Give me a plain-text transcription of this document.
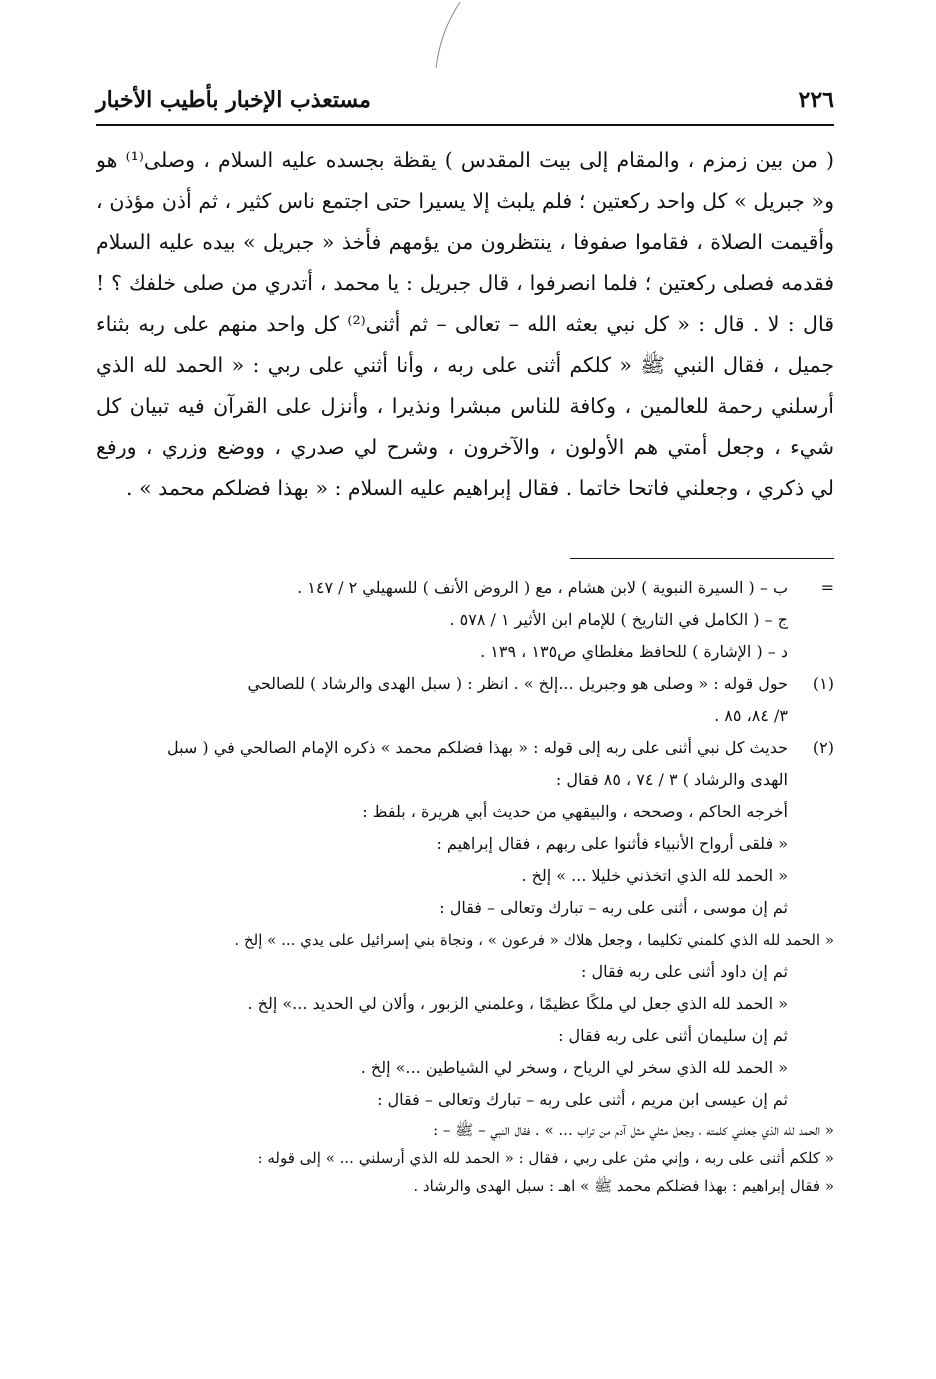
٢٢٦
مستعذب الإخبار بأطيب الأخبار
( من بين زمزم ، والمقام إلى بيت المقدس ) يقظة بجسده عليه السلام ، وصلى⁽¹⁾ هو
و« جبريل » كل واحد ركعتين ؛ فلم يلبث إلا يسيرا حتى اجتمع ناس كثير ، ثم أذن مؤذن ،
وأقيمت الصلاة ، فقاموا صفوفا ، ينتظرون من يؤمهم فأخذ « جبريل » بيده عليه السلام
فقدمه فصلى ركعتين ؛ فلما انصرفوا ، قال جبريل : يا محمد ، أتدري من صلى خلفك ؟ !
قال : لا . قال : « كل نبي بعثه الله – تعالى – ثم أثنى⁽²⁾ كل واحد منهم على ربه بثناء
جميل ، فقال النبي ﷺ « كلكم أثنى على ربه ، وأنا أثني على ربي : « الحمد لله الذي
أرسلني رحمة للعالمين ، وكافة للناس مبشرا ونذيرا ، وأنزل على القرآن فيه تبيان كل
شيء ، وجعل أمتي هم الأولون ، والآخرون ، وشرح لي صدري ، ووضع وزري ، ورفع
لي ذكري ، وجعلني فاتحا خاتما . فقال إبراهيم عليه السلام : « بهذا فضلكم محمد » .
=
ب – ( السيرة النبوية ) لابن هشام ، مع ( الروض الأنف ) للسهيلي ٢ / ١٤٧ .
ج – ( الكامل في التاريخ ) للإمام ابن الأثير ١ / ٥٧٨ .
د – ( الإشارة ) للحافظ مغلطاي ص١٣٥ ، ١٣٩ .
(١)
حول قوله : « وصلى هو وجبريل ...إلخ » . انظر : ( سبل الهدى والرشاد ) للصالحي
٣/ ٨٤، ٨٥ .
(٢)
حديث كل نبي أثنى على ربه إلى قوله : « بهذا فضلكم محمد » ذكره الإمام الصالحي في ( سبل
الهدى والرشاد ) ٣ / ٧٤ ، ٨٥ فقال :
أخرجه الحاكم ، وصححه ، والبيقهي من حديث أبي هريرة ، بلفظ :
« فلقى أرواح الأنبياء فأثنوا على ربهم ، فقال إبراهيم :
« الحمد لله الذي اتخذني خليلا ... » إلخ .
ثم إن موسى ، أثنى على ربه – تبارك وتعالى – فقال :
« الحمد لله الذي كلمني تكليما ، وجعل هلاك « فرعون » ، ونجاة بني إسرائيل على يدي ... » إلخ .
ثم إن داود أثنى على ربه فقال :
« الحمد لله الذي جعل لي ملكًا عظيمًا ، وعلمني الزبور ، وألان لي الحديد ...» إلخ .
ثم إن سليمان أثنى على ربه فقال :
« الحمد لله الذي سخر لي الرياح ، وسخر لي الشياطين ...» إلخ .
ثم إن عيسى ابن مريم ، أثنى على ربه – تبارك وتعالى – فقال :
« الحمد لله الذي جعلني كلمته ، وجعل مثلي مثل آدم من تراب ... » . فقال النبي – ﷺ – :
« كلكم أثنى على ربه ، وإني مثن على ربي ، فقال : « الحمد لله الذي أرسلني ... » إلى قوله :
« فقال إبراهيم : بهذا فضلكم محمد ﷺ » اهـ : سبل الهدى والرشاد .
